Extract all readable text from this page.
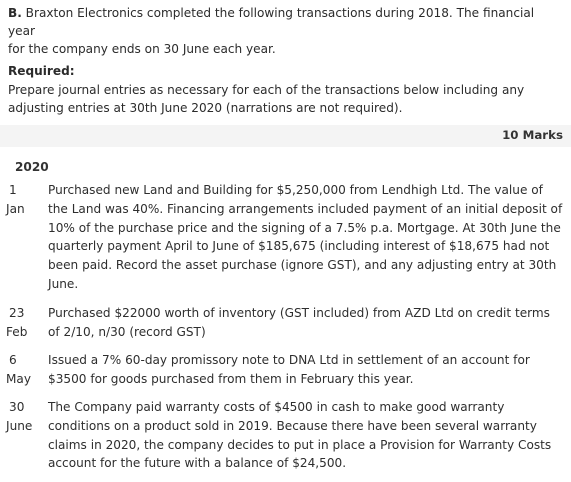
B. Braxton Electronics completed the following transactions during 2018. The financial year
for the company ends on 30 June each year.
Required:
Prepare journal entries as necessary for each of the transactions below including any
adjusting entries at 30th June 2020 (narrations are not required).
10 Marks
2020
1
Jan
Purchased new Land and Building for $5,250,000 from Lendhigh Ltd. The value of
the Land was 40%. Financing arrangements included payment of an initial deposit of
10% of the purchase price and the signing of a 7.5% p.a. Mortgage. At 30th June the
quarterly payment April to June of $185,675 (including interest of $18,675 had not
been paid. Record the asset purchase (ignore GST), and any adjusting entry at 30th
June.
23
Feb
Purchased $22000 worth of inventory (GST included) from AZD Ltd on credit terms
of 2/10, n/30 (record GST)
6
May
Issued a 7% 60-day promissory note to DNA Ltd in settlement of an account for
$3500 for goods purchased from them in February this year.
30
June
The Company paid warranty costs of $4500 in cash to make good warranty
conditions on a product sold in 2019. Because there have been several warranty
claims in 2020, the company decides to put in place a Provision for Warranty Costs
account for the future with a balance of $24,500.
